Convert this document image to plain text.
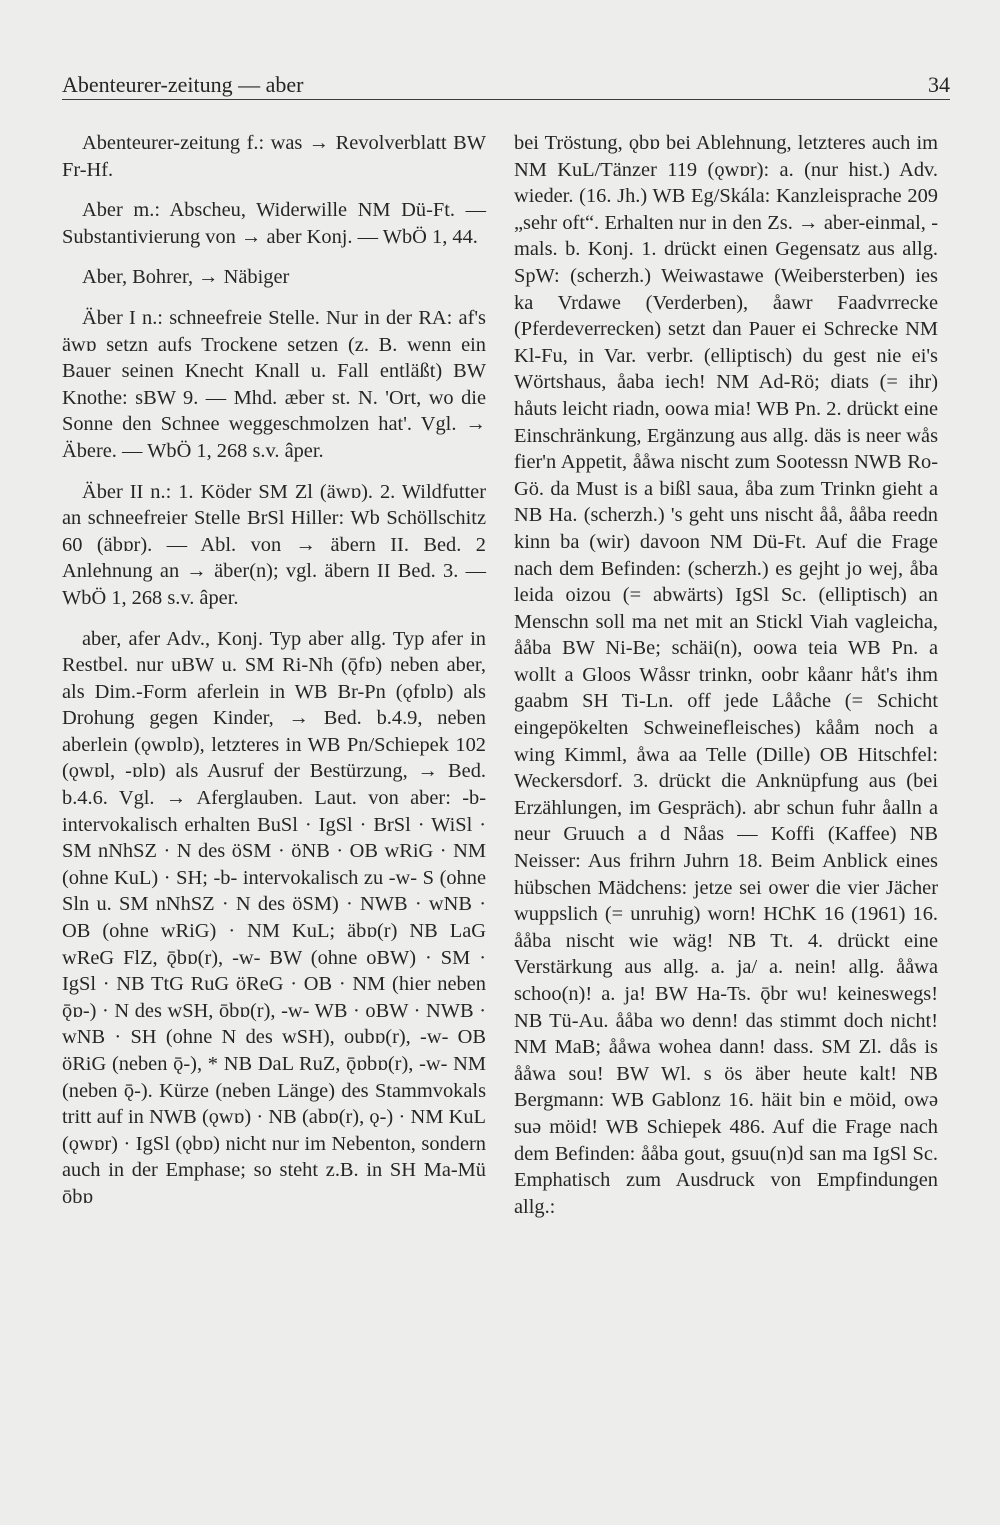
Abenteurer-zeitung — aber	34

Abenteurer-zeitung f.: was → Revolverblatt BW Fr-Hf.

Aber m.: Abscheu, Widerwille NM Dü-Ft. — Substantivierung von → aber Konj. — WbÖ 1, 44.

Aber, Bohrer, → Näbiger

Äber I n.: schneefreie Stelle. Nur in der RA: af's äwɒ setzn aufs Trockene setzen (z. B. wenn ein Bauer seinen Knecht Knall u. Fall entläßt) BW Knothe: sBW 9. — Mhd. æber st. N. 'Ort, wo die Sonne den Schnee weggeschmolzen hat'. Vgl. → Äbere. — WbÖ 1, 268 s.v. âper.

Äber II n.: 1. Köder SM Zl (äwɒ). 2. Wildfutter an schneefreier Stelle BrSl Hiller: Wb Schöllschitz 60 (äbɒr). — Abl. von → äbern II. Bed. 2 Anlehnung an → äber(n); vgl. äbern II Bed. 3. — WbÖ 1, 268 s.v. âper.

aber, afer Adv., Konj. Typ aber allg. Typ afer in Restbel. nur uBW u. SM Ri-Nh (ǭfɒ) neben aber, als Dim.-Form aferlein in WB Br-Pn (ǫfɒlɒ) als Drohung gegen Kinder, → Bed. b.4.9, neben aberlein (ǫwɒlɒ), letzteres in WB Pn/Schiepek 102 (ǫwɒl, -ɒlɒ) als Ausruf der Bestürzung, → Bed. b.4.6. Vgl. → Aferglauben. Laut. von aber: -b- intervokalisch erhalten BuSl · IgSl · BrSl · WiSl · SM nNhSZ · N des öSM · öNB · OB wRiG · NM (ohne KuL) · SH; -b- intervokalisch zu -w- S (ohne Sln u. SM nNhSZ · N des öSM) · NWB · wNB · OB (ohne wRiG) · NM KuL; äbɒ(r) NB LaG wReG FlZ, ǭbɒ(r), -w- BW (ohne oBW) · SM · IgSl · NB TtG RuG öReG · OB · NM (hier neben ǭɒ-) · N des wSH, ōbɒ(r), -w- WB · oBW · NWB · wNB · SH (ohne N des wSH), oubɒ(r), -w- OB öRiG (neben ǭ-), * NB DaL RuZ, ǭɒbɒ(r), -w- NM (neben ǭ-). Kürze (neben Länge) des Stammvokals tritt auf in NWB (ǫwɒ) · NB (abɒ(r), ǫ-) · NM KuL (ǫwɒr) · IgSl (ǫbɒ) nicht nur im Nebenton, sondern auch in der Emphase; so steht z.B. in SH Ma-Mü ōbɒ

bei Tröstung, ǫbɒ bei Ablehnung, letzteres auch im NM KuL/Tänzer 119 (ǫwɒr): a. (nur hist.) Adv. wieder. (16. Jh.) WB Eg/Skála: Kanzleisprache 209 „sehr oft“. Erhalten nur in den Zs. → aber-einmal, -mals. b. Konj. 1. drückt einen Gegensatz aus allg. SpW: (scherzh.) Weiwastawe (Weibersterben) ies ka Vrdawe (Verderben), åawr Faadvrrecke (Pferdeverrecken) setzt dan Pauer ei Schrecke NM Kl-Fu, in Var. verbr. (elliptisch) du gest nie ei's Wörtshaus, åaba iech! NM Ad-Rö; diats (= ihr) håuts leicht riadn, oowa mia! WB Pn. 2. drückt eine Einschränkung, Ergänzung aus allg. däs is neer wås fier'n Appetit, ååwa nischt zum Sootessn NWB Ro-Gö. da Must is a bißl saua, åba zum Trinkn gieht a NB Ha. (scherzh.) 's geht uns nischt åå, ååba reedn kinn ba (wir) davoon NM Dü-Ft. Auf die Frage nach dem Befinden: (scherzh.) es gejht jo wej, åba leida oizou (= abwärts) IgSl Sc. (elliptisch) an Menschn soll ma net mit an Stickl Viah vagleicha, ååba BW Ni-Be; schäi(n), oowa teia WB Pn. a wollt a Gloos Wåssr trinkn, oobr kåanr håt's ihm gaabm SH Ti-Ln. off jede Lååche (= Schicht eingepökelten Schweinefleisches) kååm noch a wing Kimml, åwa aa Telle (Dille) OB Hitschfel: Weckersdorf. 3. drückt die Anknüpfung aus (bei Erzählungen, im Gespräch). abr schun fuhr åalln a neur Gruuch a d Nåas — Koffi (Kaffee) NB Neisser: Aus frihrn Juhrn 18. Beim Anblick eines hübschen Mädchens: jetze sei ower die vier Jächer wuppslich (= unruhig) worn! HChK 16 (1961) 16. ååba nischt wie wäg! NB Tt. 4. drückt eine Verstärkung aus allg. a. ja/ a. nein! allg. ååwa schoo(n)! a. ja! BW Ha-Ts. ǭbr wu! keineswegs! NB Tü-Au. ååba wo denn! das stimmt doch nicht! NM MaB; ååwa wohea dann! dass. SM Zl. dås is ååwa sou! BW Wl. s ös äber heute kalt! NB Bergmann: WB Gablonz 16. häit bin e möid, owə suə möid! WB Schiepek 486. Auf die Frage nach dem Befinden: ååba gout, gsuu(n)d san ma IgSl Sc. Emphatisch zum Ausdruck von Empfindungen allg.:
